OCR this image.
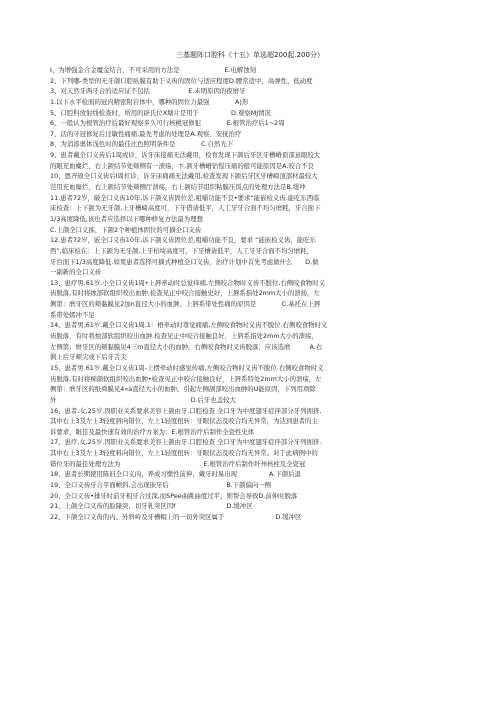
三基题阵口腔科《十五》单选超200起.200分）
I、为增强金合金魔金结合，不可采用的方法是　　　　　　　E.电解蚀刻
2、下列哪-类型的无牙颌口腔纵膜有助于义齿的固位与适应程度D.腰常适中，高弹性、低动度
3、对天然牙两牙合的适应证不包括　　　　　　E.未明原因的夜磨牙
1.以下水平检面的冠内精密附岩体中，哪种的固位力最强　　　　A)形
5、口腔科放射线检查时，所用的辟氏位X塘片是用于　　　　　D.观察MJ情况
6、一般认为根管治疗后最好观察多久可行核桃冠修犯　　　　E.根管治疗后1~2周
7、活的牙冠修复后过敏性痛痛,最先考虑的处理是A.观察、安抚治疗
8、为消滲奥体浅色时的最佳比色照明条件是　　　　C.自然光下
9、患者戴全口义齿后1周或诊，诉牙床接痛无法戴用，检育发现下颌后牙区牙槽嵴顶部意眼较大
的眼充血麋烂，右上颌结节处颊侧有一溃疡，卞.颌牙槽嵴钻惺压痛的般可能原因是A.咬合不良
10、悪齐致全口义齿后I周杠诊，诉牙床痛痛无法戴用,检查发现下颌后牙区牙槽崎顶部材最较大
范用充血糜烂，右上颌结节处颊侧厅溃疡，右上颌结节组织粘膜压饭点的处理方法是B.缓冲
11.患者72岁，破全口义齿10年,诉下颌义齿固位差,咀嚼功能不良•要求“能嵌检义齿.能吃东西临
床检查：上下颌为无牙颌,上牙槽崎高度可，下牙借请低平，人工牙牙合面不均匀磨耗，牙合面下
1/3高度降低,该也者应选择以下哪种修复方法最为理想
C.上颌全口义拣，下颌2个种植体固位的可摘全口义齿
12.患者72岁，嵌全口义齿10年,诉下颌义齿固位差,咀嚼功能不良，要求 “能嵌检义齿，能吃东
西”,临床检在：上下颌为无牙颌,上牙柏埼高度可，下牙槽请低平，人工牙牙合面不均匀磨耗，
牙台面下1/3高度降低.如果患者选择可摘式种植全口义齿，治疗计划中首先考虑做什么　　D,做
一副新的全口义齿
13、患疗男,61岁.小全口义齿1周•上唇牵动时总觉痒痛,左侧咬合物时义齿不脱位,右侧咬食物时义
齿脱落,有时将烛部软组织咬出血肿.检查见正中咬合接触史好，上唇系指处2mm大小的溃扬，左
侧第：磨牙区的颊黏膜见2加n直径大小的血肿。上唇系带处性痛的原因是　　　　C.基托在上唇
系带处嫣冲不足
14、患者男,61岁.戴全口义齿1周.1：梧牵动时尊觉痛痛,左侧咬食物时义齿不脱位.右侧咬食物时义
齿脱落，有时将烛部软组织咬出血肿.检查见正中咬合接触良好，上唇系指处2mm大小的溃疡，
左侧第：磨牙区的颊黏膜见4三m直径大小的血肿。右侧咬食物时义齿脱落，应该选磨　　　A.右
俐上后牙颊尖或下后牙舌尖
15、患者男.61岁.戴全口义齿1周-上楞牵动时感觉传痛,左侧咬合物时义齿不脱位.右侧咬食物时义
齿脱落,有时将痴颌软组织咬出血肿•检查见正中咬合接触良好，上唇系特处2mm大小的溃疡，左
侧第：磨牙区的纸舜膜见4«a直径大小的血肿。引起左侧颉部咬出血肿的U能原因，下列用项除
外　　　　　　　　　　　　　　　　　　　　　D.后牙也盖较大
16、患者.女,25岁.因职业关系要求美容上颌由牙.口腔检查 全口牙为中度翅牙症伴部分牙列拥挤,
其中右上3及左上3轻度唇向错位，左上1轻度扭转：牙眼状态及咬合均无异常，为达到患者的主
诉要求，眼佳及最快速有效的治疗方案为：E.根管治疗后制作全瓷性史体
17、患疗.女,25岁.因职业关系要求美容上颌由牙.口腔检查 全口牙为中度翅牙症伴部分牙列拥挤.
其中右上3及左上3轻度料向错位，左上1轻度扭转：牙眼状态及咬合均无异常。对于此病例中的
错位牙的最佳处理方法为　　　　　　　　　　　　　E.根管治疗后制作纤州核柱及全瓷冠
18、患者长期使用陈旧全口义肉，养成习惯性前伸，戴牙时易出现　　　　　A.下颌后退
19、全口义齿牙合平面帧斜,会出现嵌牙后　　　　　　　　　B.下颌偏向一侧
20、全口义齿•排牙时前牙相牙合过深,而SPee曲跳曲度过平，则帮会导致D.前伸时脱落
21、上颌全口义齿的脸隆突，切牙乳突区因f　　　　　　　　D.缓冲区
22、下颌全口义齿的内、外斜岭及牙槽帽上的一切外突区属于　　　　　　　　D.缓冲区
